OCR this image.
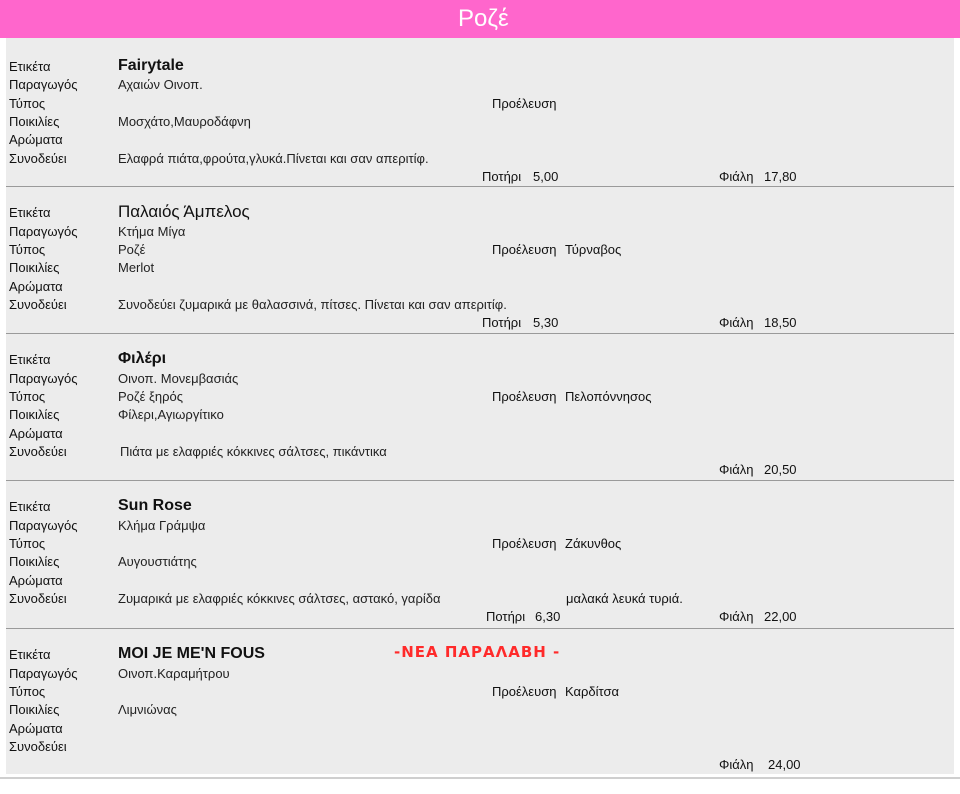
Ροζέ
Ετικέτα	Fairytale
Παραγωγός	Αχαιών Οινοπ.
Τύπος	Προέλευση
Ποικιλίες	Μοσχάτο,Μαυροδάφνη
Αρώματα
Συνοδεύει	Ελαφρά πιάτα,φρούτα,γλυκά.Πίνεται και σαν απεριτίφ.
Ποτήρι 5,00	Φιάλη 17,80
Ετικέτα	Παλαιός Άμπελος
Παραγωγός	Κτήμα Μίγα
Τύπος	Ροζέ	Προέλευση Τύρναβος
Ποικιλίες	Merlot
Αρώματα
Συνοδεύει	Συνοδεύει ζυμαρικά με θαλασσινά, πίτσες. Πίνεται και σαν απεριτίφ.
Ποτήρι 5,30	Φιάλη 18,50
Ετικέτα	Φιλέρι
Παραγωγός	Οινοπ. Μονεμβασιάς
Τύπος	Ροζέ ξηρός	Προέλευση Πελοπόννησος
Ποικιλίες	Φίλερι,Αγιωργίτικο
Αρώματα
Συνοδεύει	Πιάτα με ελαφριές κόκκινες σάλτσες, πικάντικα
Φιάλη 20,50
Ετικέτα	Sun Rose
Παραγωγός	Κλήμα Γράμψα
Τύπος	Προέλευση Ζάκυνθος
Ποικιλίες	Αυγουστιάτης
Αρώματα
Συνοδεύει	Ζυμαρικά με ελαφριές κόκκινες σάλτσες, αστακό, γαρίδα	μαλακά λευκά τυριά.
Ποτήρι 6,30	Φιάλη 22,00
Ετικέτα	MOI JE ME'N FOUS	-ΝΕΑ ΠΑΡΑΛΑΒΗ -
Παραγωγός	Οινοπ.Καραμήτρου
Τύπος	Προέλευση Καρδίτσα
Ποικιλίες	Λιμνιώνας
Αρώματα
Συνοδεύει
Φιάλη 24,00
